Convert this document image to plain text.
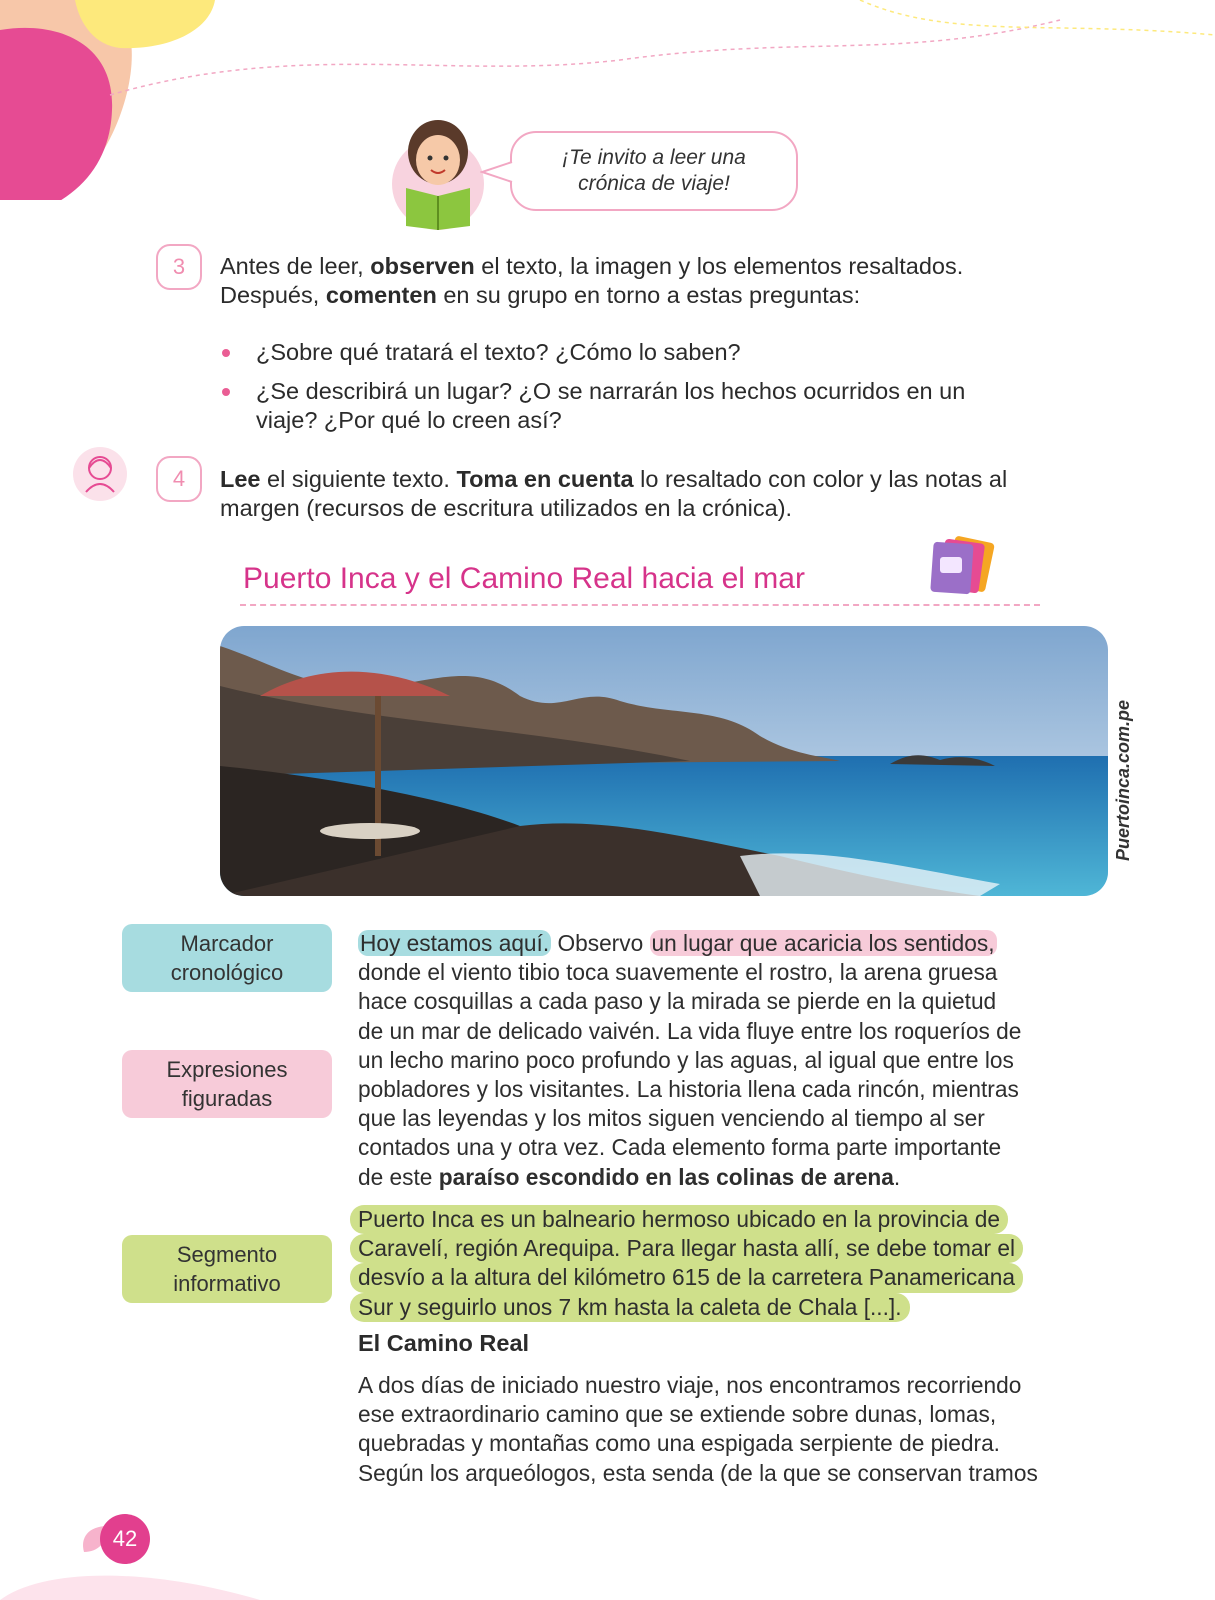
¡Te invito a leer una
crónica de viaje!
3	Antes de leer, observen el texto, la imagen y los elementos resaltados.
Después, comenten en su grupo en torno a estas preguntas:
¿Sobre qué tratará el texto? ¿Cómo lo saben?
¿Se describirá un lugar? ¿O se narrarán los hechos ocurridos en un viaje? ¿Por qué lo creen así?
4	Lee el siguiente texto. Toma en cuenta lo resaltado con color y las notas al
margen (recursos de escritura utilizados en la crónica).
Puerto Inca y el Camino Real hacia el mar
Puertoinca.com.pe
Marcador
cronológico
Expresiones
figuradas
Segmento
informativo
Hoy estamos aquí. Observo un lugar que acaricia los sentidos,
donde el viento tibio toca suavemente el rostro, la arena gruesa
hace cosquillas a cada paso y la mirada se pierde en la quietud
de un mar de delicado vaivén. La vida fluye entre los roqueríos de
un lecho marino poco profundo y las aguas, al igual que entre los
pobladores y los visitantes. La historia llena cada rincón, mientras
que las leyendas y los mitos siguen venciendo al tiempo al ser
contados una y otra vez. Cada elemento forma parte importante
de este paraíso escondido en las colinas de arena.
Puerto Inca es un balneario hermoso ubicado en la provincia de
Caravelí, región Arequipa. Para llegar hasta allí, se debe tomar el
desvío a la altura del kilómetro 615 de la carretera Panamericana
Sur y seguirlo unos 7 km hasta la caleta de Chala [...].
El Camino Real
A dos días de iniciado nuestro viaje, nos encontramos recorriendo
ese extraordinario camino que se extiende sobre dunas, lomas,
quebradas y montañas como una espigada serpiente de piedra.
Según los arqueólogos, esta senda (de la que se conservan tramos
42
